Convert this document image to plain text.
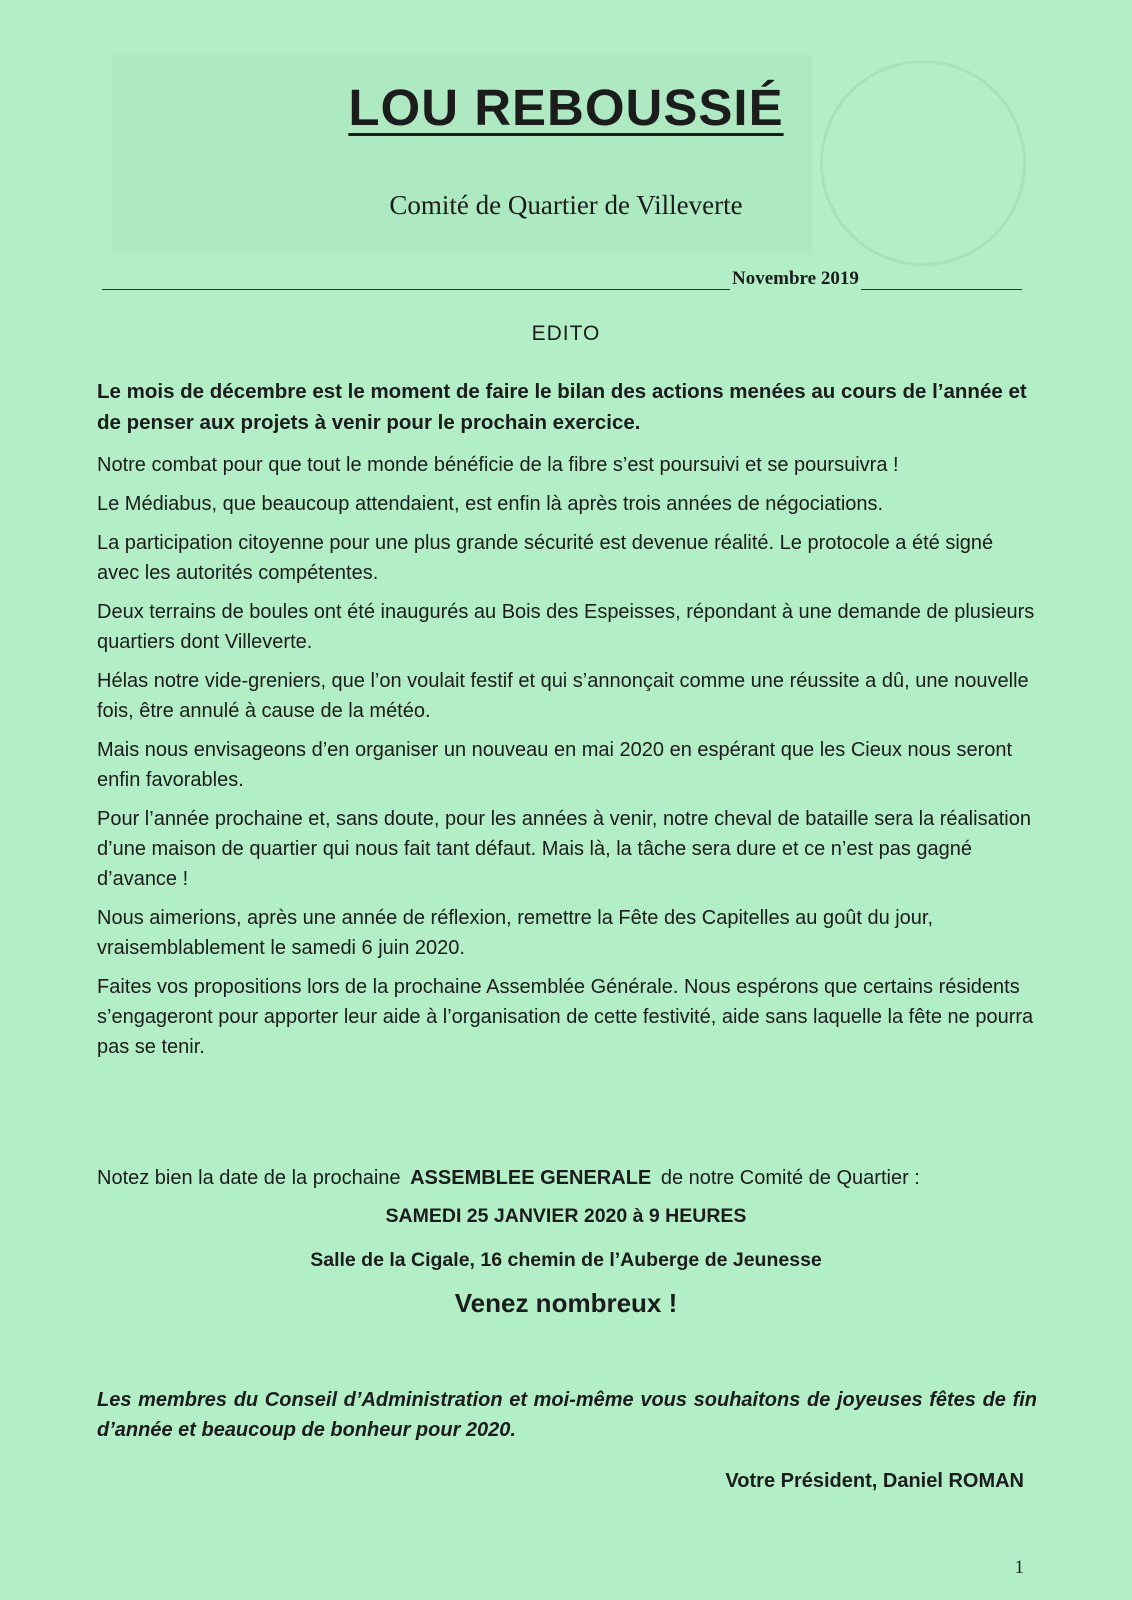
LOU REBOUSSIÉ
Comité de Quartier de Villeverte
Novembre 2019
EDITO

Le mois de décembre est le moment de faire le bilan des actions menées au cours de l’année et de penser aux projets à venir pour le prochain exercice.

Notre combat pour que tout le monde bénéficie de la fibre s’est poursuivi et se poursuivra !

Le Médiabus, que beaucoup attendaient, est enfin là après trois années de négociations.

La participation citoyenne pour une plus grande sécurité est devenue réalité. Le protocole a été signé avec les autorités compétentes.

Deux terrains de boules ont été inaugurés au Bois des Espeisses, répondant à une demande de plusieurs quartiers dont Villeverte.

Hélas notre vide-greniers, que l’on voulait festif et qui s’annonçait comme une réussite a dû, une nouvelle fois, être annulé à cause de la météo.

Mais nous envisageons d’en organiser un nouveau en mai 2020 en espérant que les Cieux nous seront enfin favorables.

Pour l’année prochaine et, sans doute, pour les années à venir, notre cheval de bataille sera la réalisation d’une maison de quartier qui nous fait tant défaut. Mais là, la tâche sera dure et ce n’est pas gagné d’avance !

Nous aimerions, après une année de réflexion, remettre la Fête des Capitelles au goût du jour, vraisemblablement le samedi 6 juin 2020.

Faites vos propositions lors de la prochaine Assemblée Générale. Nous espérons que certains résidents s’engageront pour apporter leur aide à l’organisation de cette festivité, aide sans laquelle la fête ne pourra pas se tenir.

Notez bien la date de la prochaine ASSEMBLEE GENERALE de notre Comité de Quartier :
SAMEDI 25 JANVIER 2020 à 9 HEURES
Salle de la Cigale, 16 chemin de l’Auberge de Jeunesse
Venez nombreux !
Les membres du Conseil d’Administration et moi-même vous souhaitons de joyeuses fêtes de fin d’année et beaucoup de bonheur pour 2020.
Votre Président, Daniel ROMAN
1
